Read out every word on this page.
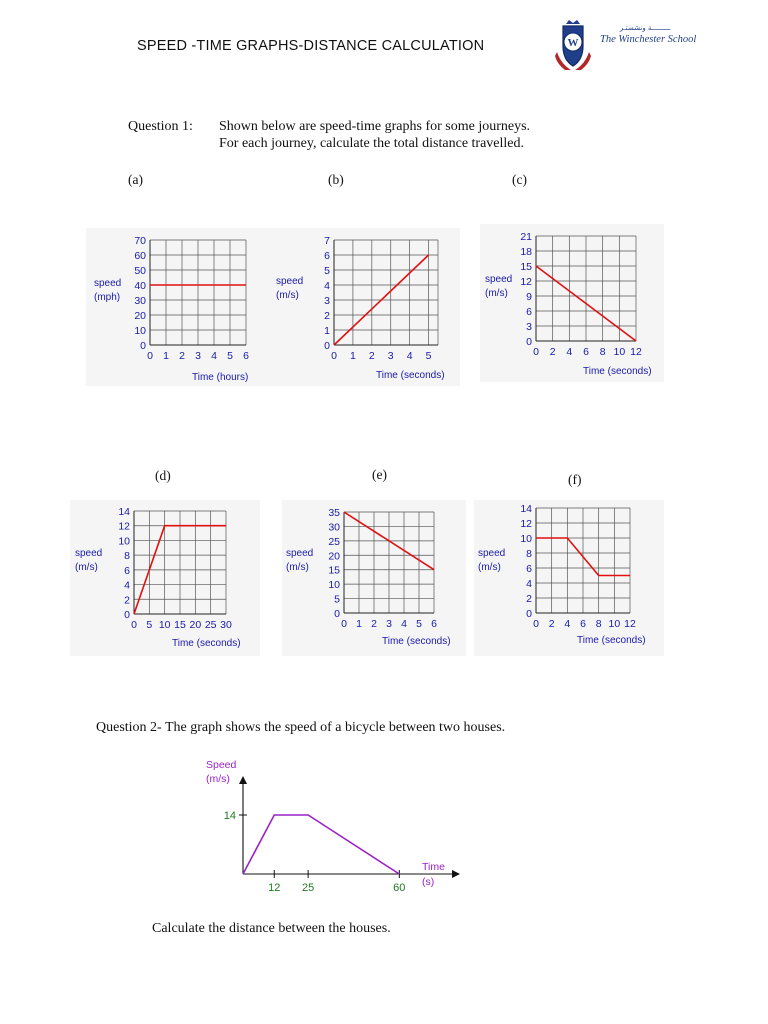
SPEED -TIME GRAPHS-DISTANCE CALCULATION	W
ـــــــــة ونشستـر
The Winchester School
Question 1: Shown below are speed-time graphs for some journeys.
For each journey, calculate the total distance travelled.
(a)	(b)	(c)
(d)	(e)	(f)
0
10
20
30
40
50
60
70
0 1 2 3 4 5 6
speed
(mph)
Time (hours)
0
1
2
3
4
5
6
7
0 1 2 3 4 5
speed
(m/s)
Time (seconds)
0
3
6
9
12
15
18
21
0 2 4 6 8 10 12
speed
(m/s)
Time (seconds)
0
2
4
6
8
10
12
14
0 5 10 15 20 25 30
speed
(m/s)
Time (seconds)
0
5
10
15
20
25
30
35
0 1 2 3 4 5 6
speed
(m/s)
Time (seconds)
0
2
4
6
8
10
12
14
0 2 4 6 8 10 12
speed
(m/s)
Time (seconds)
Question 2- The graph shows the speed of a bicycle between two houses.
12 25	60
14
Speed
(m/s)
Time
(s)
Calculate the distance between the houses.
